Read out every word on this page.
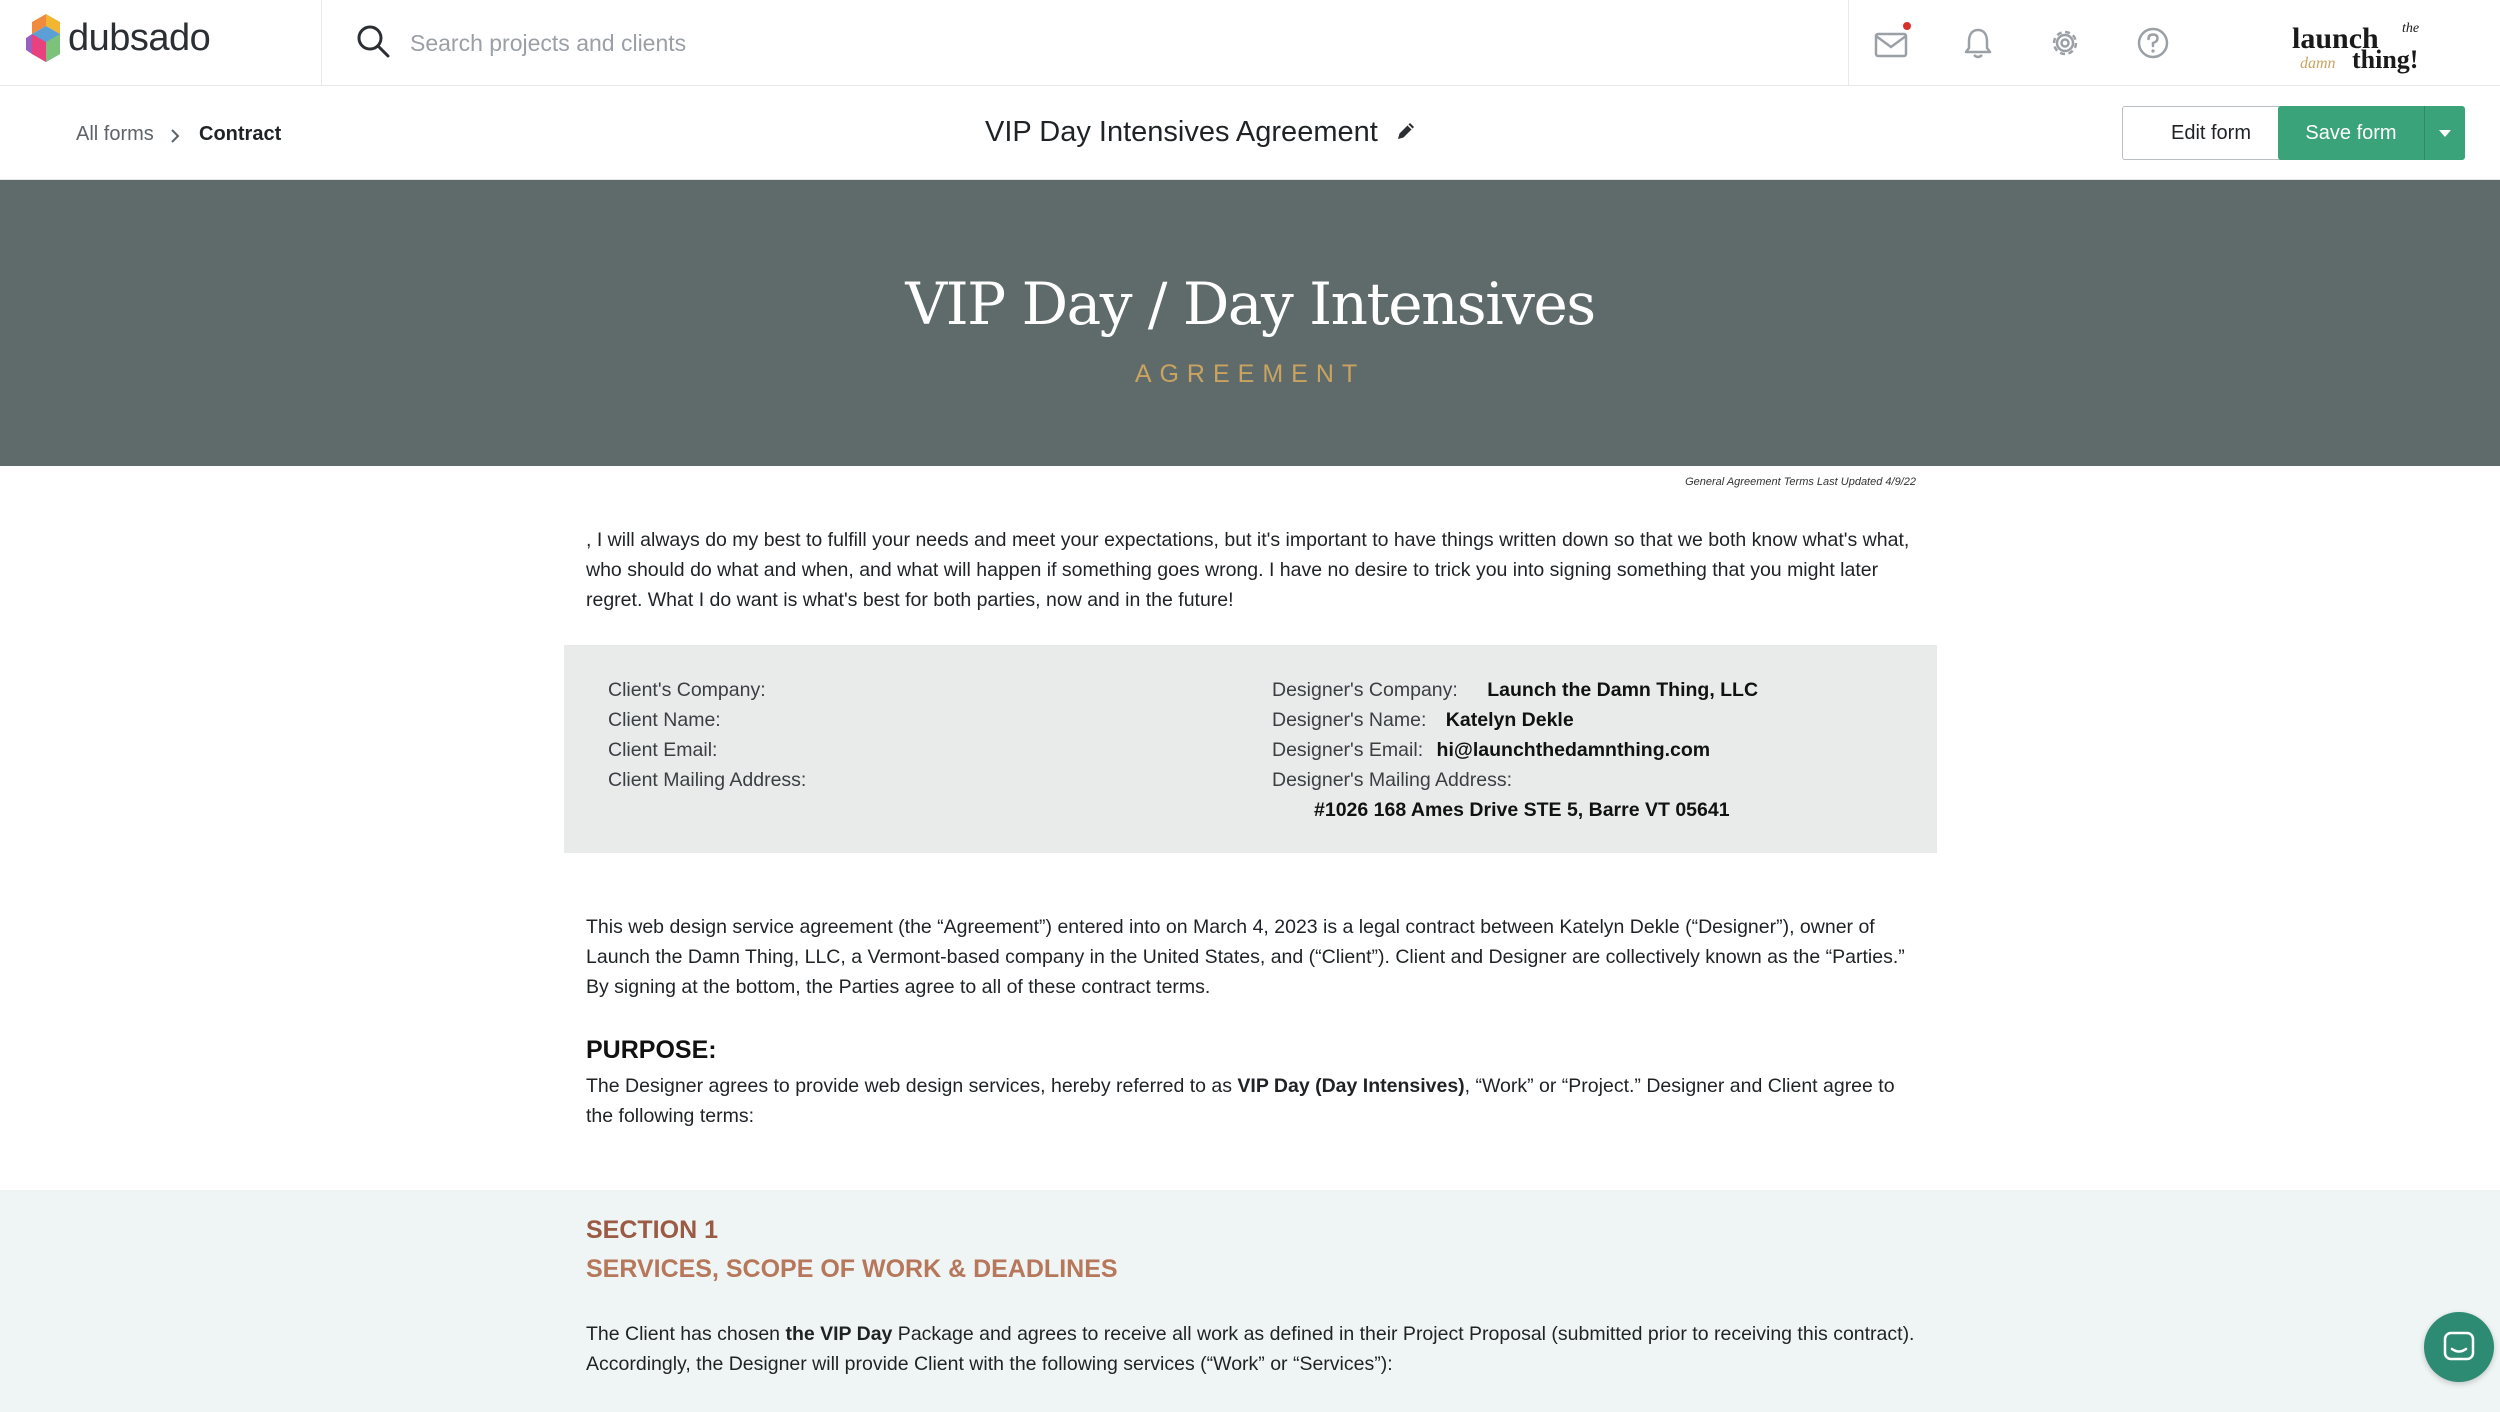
dubsado
Search projects and clients	launch the
damn thing!
All forms Contract	VIP Day Intensives Agreement	Edit form	Save form
VIP Day / Day Intensives
AGREEMENT
General Agreement Terms Last Updated 4/9/22

, I will always do my best to fulfill your needs and meet your expectations, but it's important to have things written down so that we both know what's what, who should do what and when, and what will happen if something goes wrong. I have no desire to trick you into signing something that you might later regret. What I do want is what's best for both parties, now and in the future!

Client's Company:
Client Name:
Client Email:
Client Mailing Address:
Designer's Company: Launch the Damn Thing, LLC
Designer's Name: Katelyn Dekle
Designer's Email: hi@launchthedamnthing.com
Designer's Mailing Address:
#1026 168 Ames Drive STE 5, Barre VT 05641

This web design service agreement (the “Agreement”) entered into on March 4, 2023 is a legal contract between Katelyn Dekle (“Designer”), owner of Launch the Damn Thing, LLC, a Vermont-based company in the United States, and (“Client”). Client and Designer are collectively known as the “Parties.” By signing at the bottom, the Parties agree to all of these contract terms.

PURPOSE:

The Designer agrees to provide web design services, hereby referred to as VIP Day (Day Intensives), “Work” or “Project.” Designer and Client agree to the following terms:

SECTION 1
SERVICES, SCOPE OF WORK & DEADLINES

The Client has chosen the VIP Day Package and agrees to receive all work as defined in their Project Proposal (submitted prior to receiving this contract). Accordingly, the Designer will provide Client with the following services (“Work” or “Services”):
